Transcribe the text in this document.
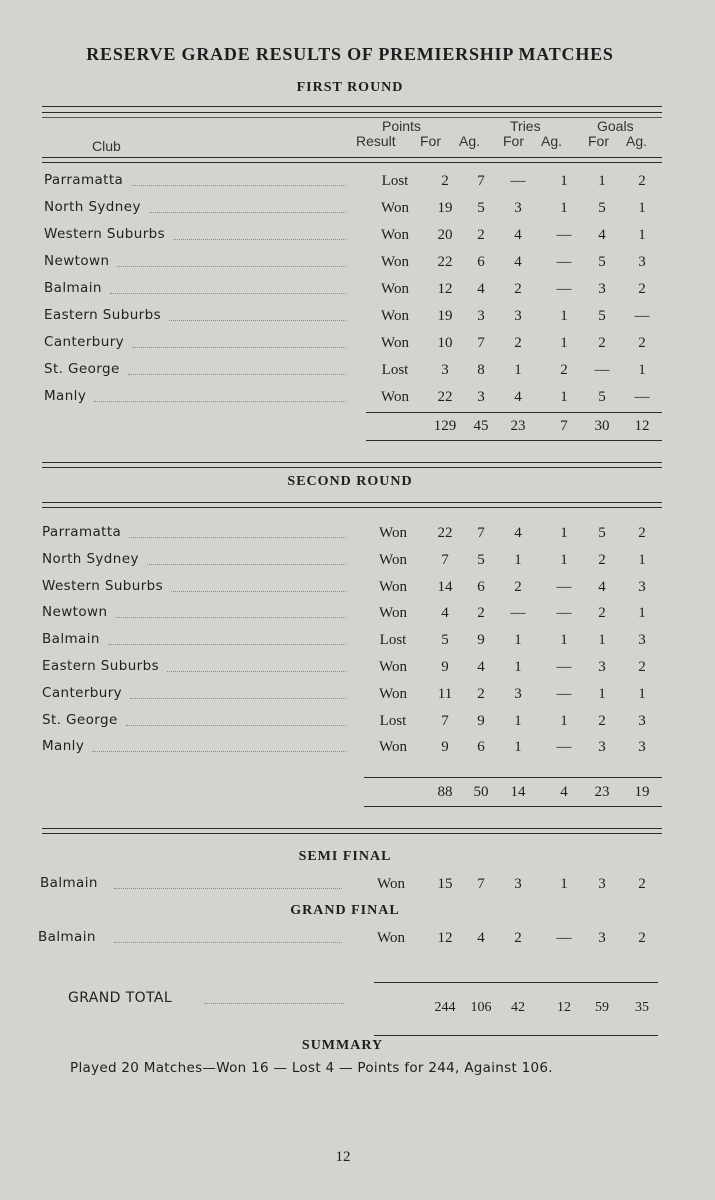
RESERVE GRADE RESULTS OF PREMIERSHIP MATCHES
FIRST ROUND
Club
Points	Tries	Goals
Result For Ag. For Ag. For Ag.
Parramatta	Lost	2	7	—	1	1	2
North Sydney	Won	19	5	3	1	5	1
Western Suburbs	Won	20	2	4	—	4	1
Newtown	Won	22	6	4	—	5	3
Balmain	Won	12	4	2	—	3	2
Eastern Suburbs	Won	19	3	3	1	5	—
Canterbury	Won	10	7	2	1	2	2
St. George	Lost	3	8	1	2	—	1
Manly	Won	22	3	4	1	5	—
129	45	23	7	30	12
SECOND ROUND
Parramatta	Won	22	7	4	1	5	2
North Sydney	Won	7	5	1	1	2	1
Western Suburbs	Won	14	6	2	—	4	3
Newtown	Won	4	2	—	—	2	1
Balmain	Lost	5	9	1	1	1	3
Eastern Suburbs	Won	9	4	1	—	3	2
Canterbury	Won	11	2	3	—	1	1
St. George	Lost	7	9	1	1	2	3
Manly	Won	9	6	1	—	3	3
88	50	14	4	23	19
SEMI FINAL
Balmain	Won	15	7	3	1	3	2
GRAND FINAL
Balmain	Won	12	4	2	—	3	2
GRAND TOTAL
244	106	42	12	59	35
SUMMARY
Played 20 Matches—Won 16 — Lost 4 — Points for 244, Against 106.
12
